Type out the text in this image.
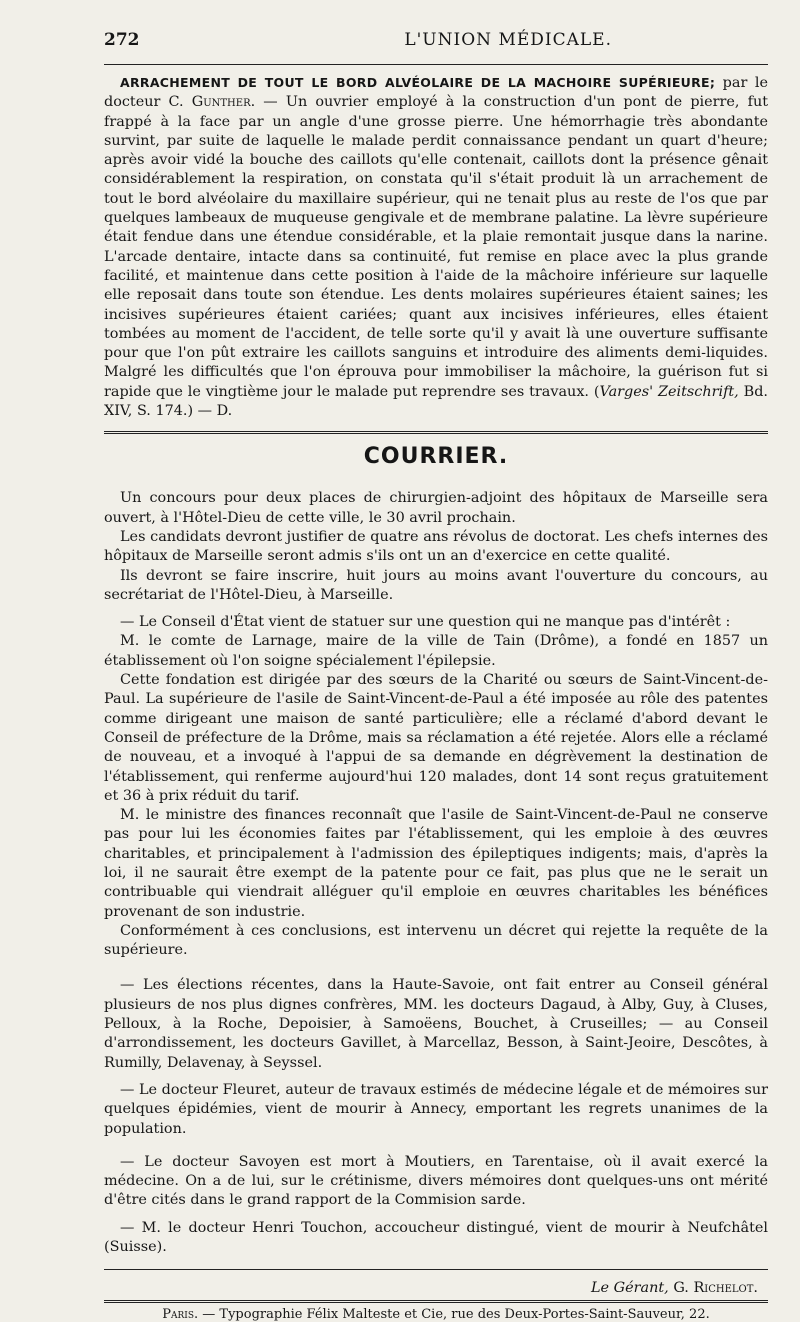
272	L'UNION MÉDICALE.

ARRACHEMENT DE TOUT LE BORD ALVÉOLAIRE DE LA MACHOIRE SUPÉRIEURE; par le docteur C. Gunther. — Un ouvrier employé à la construction d'un pont de pierre, fut frappé à la face par un angle d'une grosse pierre. Une hémorrhagie très abondante survint, par suite de laquelle le malade perdit connaissance pendant un quart d'heure; après avoir vidé la bouche des caillots qu'elle contenait, caillots dont la présence gênait considérablement la respiration, on constata qu'il s'était produit là un arrachement de tout le bord alvéolaire du maxillaire supérieur, qui ne tenait plus au reste de l'os que par quelques lambeaux de muqueuse gengivale et de membrane palatine. La lèvre supérieure était fendue dans une étendue considérable, et la plaie remontait jusque dans la narine. L'arcade dentaire, intacte dans sa continuité, fut remise en place avec la plus grande facilité, et maintenue dans cette position à l'aide de la mâchoire inférieure sur laquelle elle reposait dans toute son étendue. Les dents molaires supérieures étaient saines; les incisives supérieures étaient cariées; quant aux incisives inférieures, elles étaient tombées au moment de l'accident, de telle sorte qu'il y avait là une ouverture suffisante pour que l'on pût extraire les caillots sanguins et introduire des aliments demi-liquides. Malgré les difficultés que l'on éprouva pour immobiliser la mâchoire, la guérison fut si rapide que le vingtième jour le malade put reprendre ses travaux. (Varges' Zeitschrift, Bd. XIV, S. 174.) — D.

COURRIER.

Un concours pour deux places de chirurgien-adjoint des hôpitaux de Marseille sera ouvert, à l'Hôtel-Dieu de cette ville, le 30 avril prochain.

Les candidats devront justifier de quatre ans révolus de doctorat. Les chefs internes des hôpitaux de Marseille seront admis s'ils ont un an d'exercice en cette qualité.

Ils devront se faire inscrire, huit jours au moins avant l'ouverture du concours, au secrétariat de l'Hôtel-Dieu, à Marseille.

— Le Conseil d'État vient de statuer sur une question qui ne manque pas d'intérêt :

M. le comte de Larnage, maire de la ville de Tain (Drôme), a fondé en 1857 un établissement où l'on soigne spécialement l'épilepsie.

Cette fondation est dirigée par des sœurs de la Charité ou sœurs de Saint-Vincent-de-Paul. La supérieure de l'asile de Saint-Vincent-de-Paul a été imposée au rôle des patentes comme dirigeant une maison de santé particulière; elle a réclamé d'abord devant le Conseil de préfecture de la Drôme, mais sa réclamation a été rejetée. Alors elle a réclamé de nouveau, et a invoqué à l'appui de sa demande en dégrèvement la destination de l'établissement, qui renferme aujourd'hui 120 malades, dont 14 sont reçus gratuitement et 36 à prix réduit du tarif.

M. le ministre des finances reconnaît que l'asile de Saint-Vincent-de-Paul ne conserve pas pour lui les économies faites par l'établissement, qui les emploie à des œuvres charitables, et principalement à l'admission des épileptiques indigents; mais, d'après la loi, il ne saurait être exempt de la patente pour ce fait, pas plus que ne le serait un contribuable qui viendrait alléguer qu'il emploie en œuvres charitables les bénéfices provenant de son industrie.

Conformément à ces conclusions, est intervenu un décret qui rejette la requête de la supérieure.

— Les élections récentes, dans la Haute-Savoie, ont fait entrer au Conseil général plusieurs de nos plus dignes confrères, MM. les docteurs Dagaud, à Alby, Guy, à Cluses, Pelloux, à la Roche, Depoisier, à Samoëens, Bouchet, à Cruseilles; — au Conseil d'arrondissement, les docteurs Gavillet, à Marcellaz, Besson, à Saint-Jeoire, Descôtes, à Rumilly, Delavenay, à Seyssel.

— Le docteur Fleuret, auteur de travaux estimés de médecine légale et de mémoires sur quelques épidémies, vient de mourir à Annecy, emportant les regrets unanimes de la population.

— Le docteur Savoyen est mort à Moutiers, en Tarentaise, où il avait exercé la médecine. On a de lui, sur le crétinisme, divers mémoires dont quelques-uns ont mérité d'être cités dans le grand rapport de la Commision sarde.

— M. le docteur Henri Touchon, accoucheur distingué, vient de mourir à Neufchâtel (Suisse).

Le Gérant, G. Richelot.
Paris. — Typographie Félix Malteste et Cie, rue des Deux-Portes-Saint-Sauveur, 22.
